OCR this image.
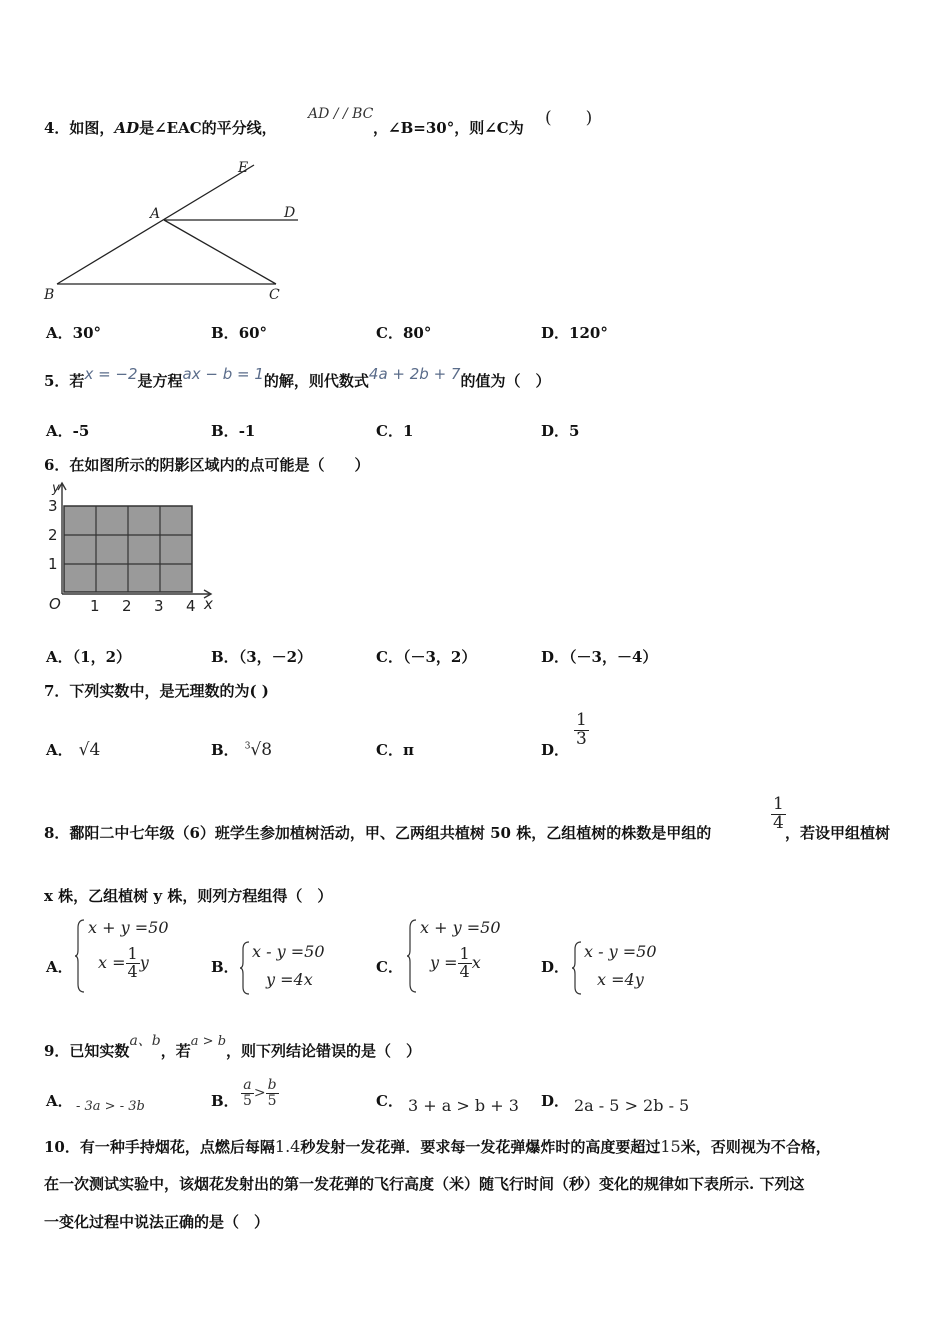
4．如图，AD是∠EAC的平分线，
AD / / BC
，∠B=30°，则∠C为 (　　)
E
A	D
B	C
A．30°	B．60°	C．80°	D．120°
5．若x = −2是方程ax − b = 1的解，则代数式4a + 2b + 7的值为（　）
A．-5	B．-1	C．1	D．5
6．在如图所示的阴影区域内的点可能是（　　）
O 1 2 3 4 x
1
2
3
y
A．（1，2）	B．（3，－2）	C．（－3，2）	D．（－3，－4）
7．下列实数中，是无理数的为( )
A． √4	B． $^3$√8	C．π	D．
$\frac{1}{3}$
8．鄱阳二中七年级（6）班学生参加植树活动，甲、乙两组共植树 50 株，乙组植树的株数是甲组的
$\frac{1}{4}$
，若设甲组植树
x 株，乙组植树 y 株，则列方程组得（　）
A．
x + y =50
$x = \frac{1}{4}$ y	B．
x - y =50
y =4x
C．
x + y =50
$y = \frac{1}{4}$ x	D．
x - y =50
x =4y
9．已知实数a、b，若a > b，则下列结论错误的是（　）
A． - 3a > - 3b	B． $\frac{a}{5} > \frac{b}{5}$	C． 3 + a > b + 3 D． 2a - 5 > 2b - 5
10．有一种手持烟花，点燃后每隔1.4秒发射一发花弹．要求每一发花弹爆炸时的高度要超过15米，否则视为不合格，
在一次测试实验中，该烟花发射出的第一发花弹的飞行高度（米）随飞行时间（秒）变化的规律如下表所示. 下列这
一变化过程中说法正确的是（　）
